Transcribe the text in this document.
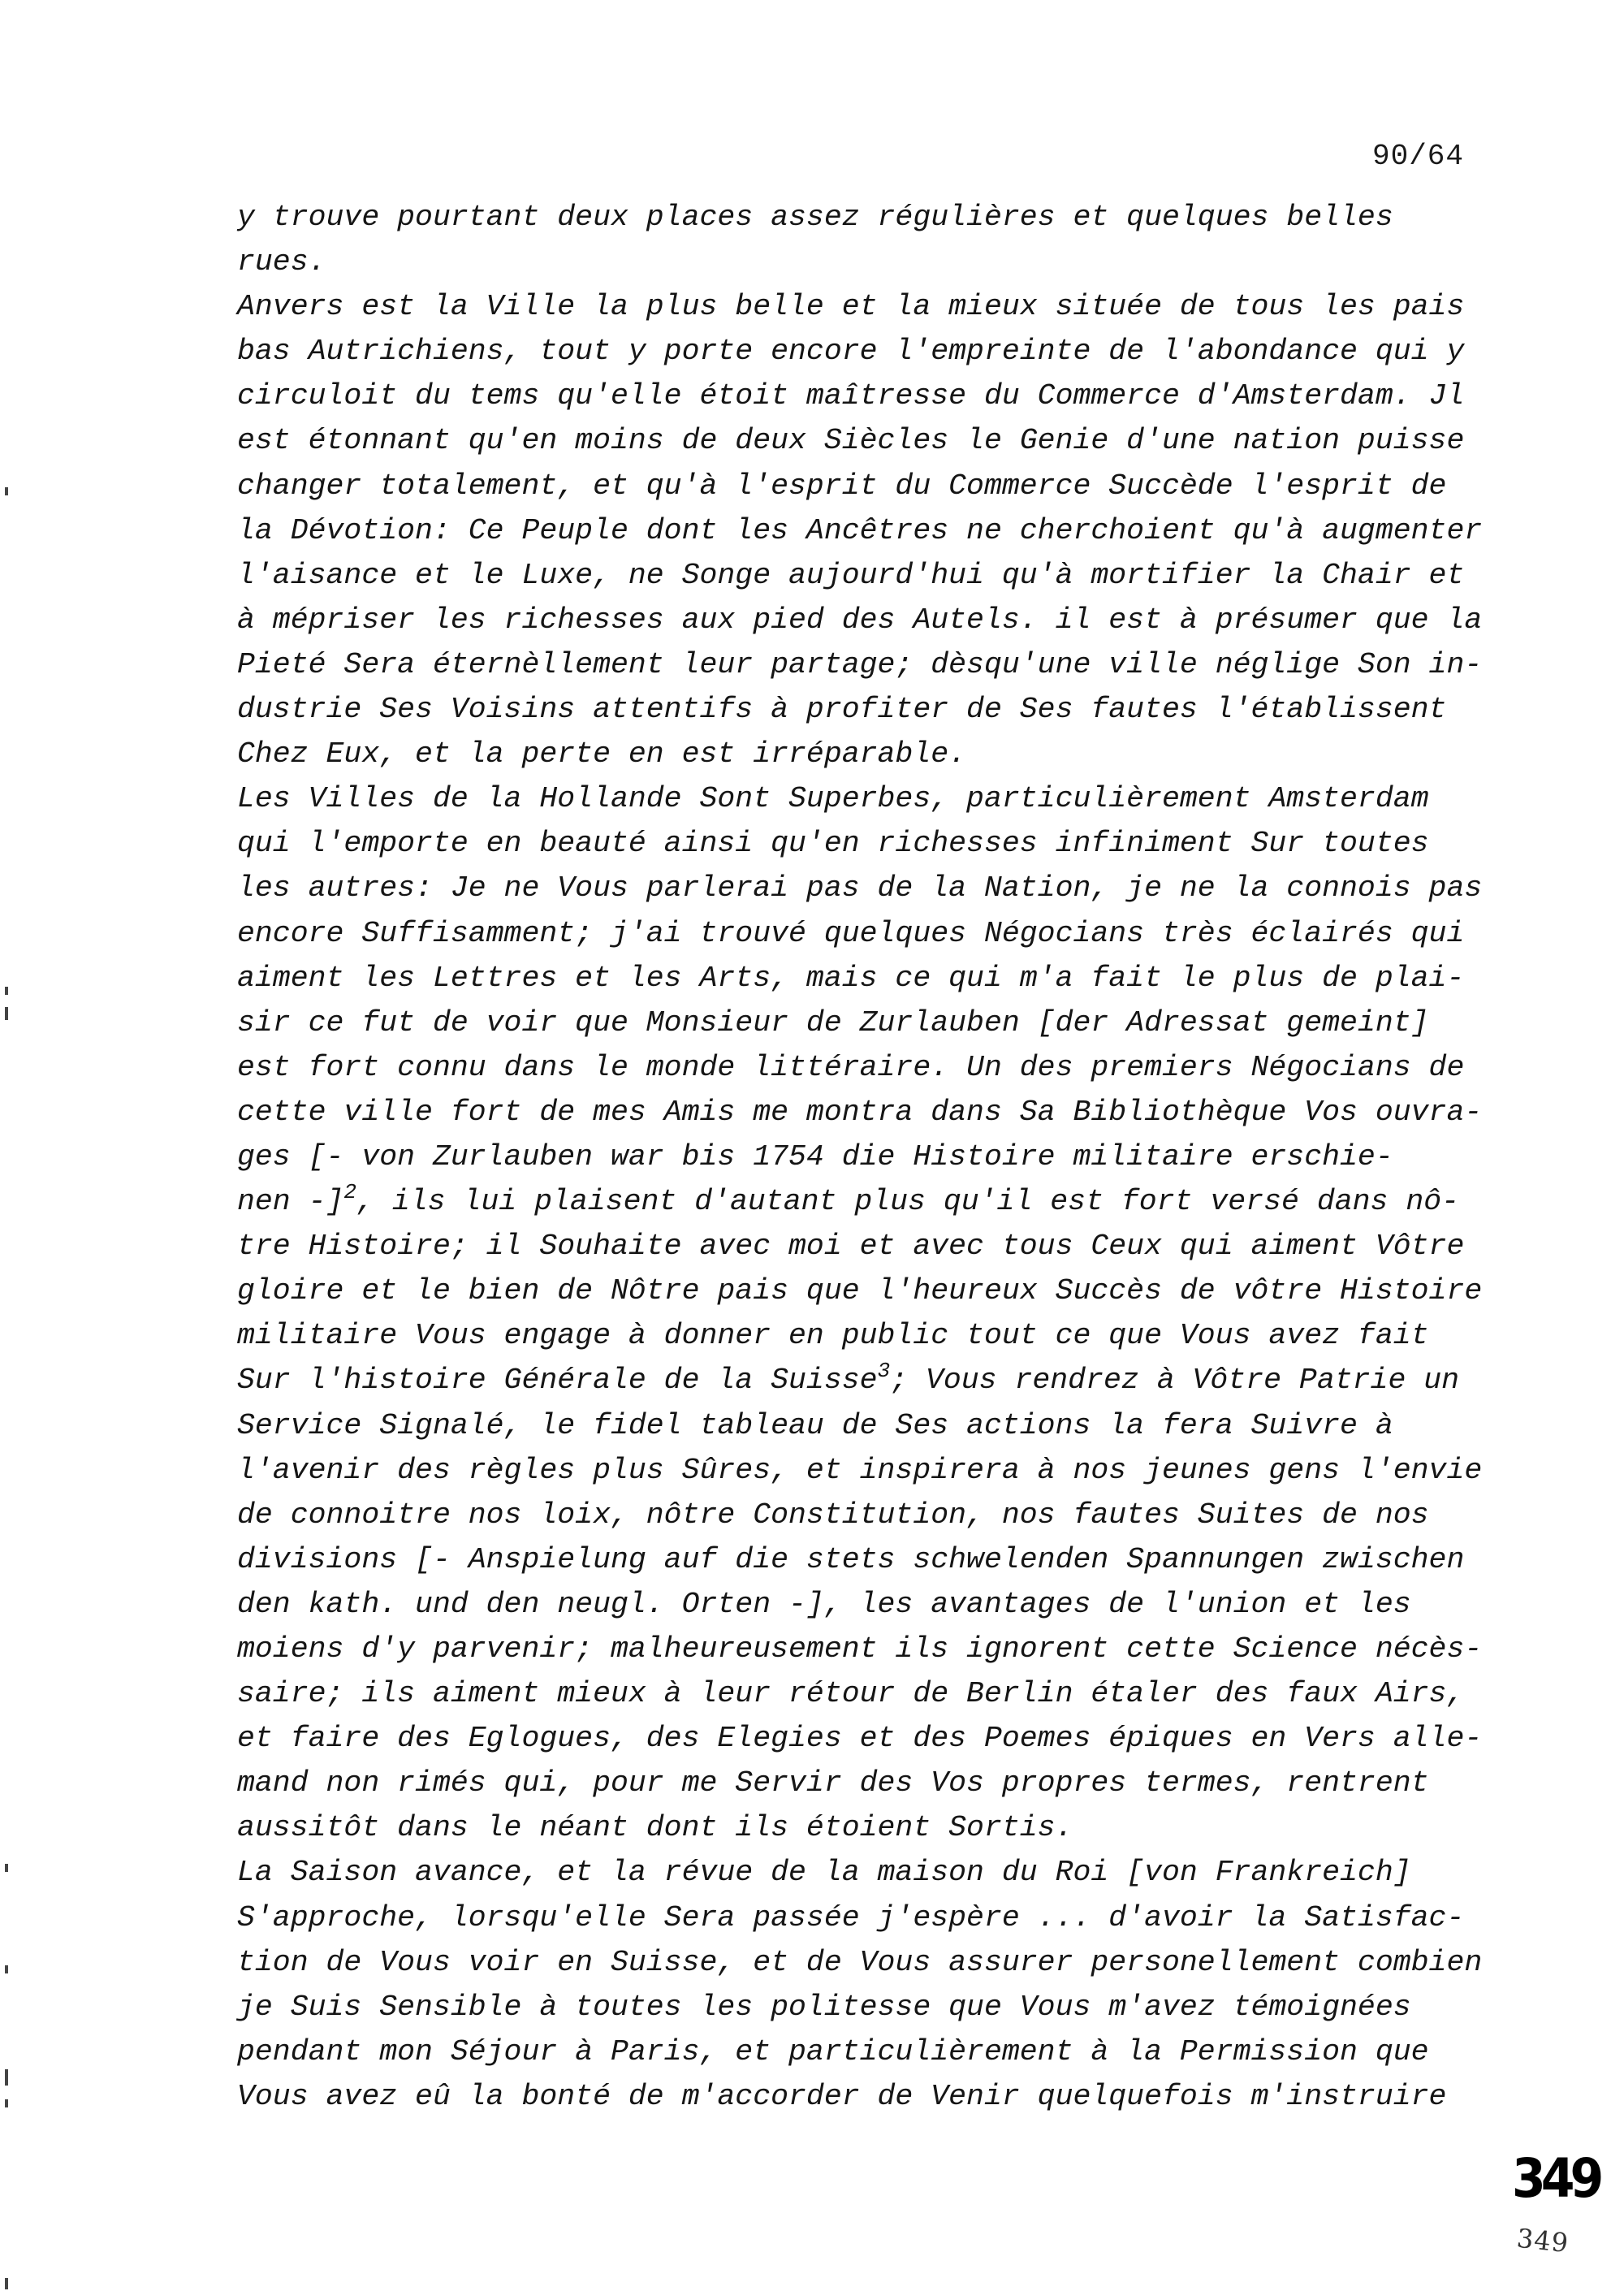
90/64
y trouve pourtant deux places assez régulières et quelques belles
rues.
Anvers est la Ville la plus belle et la mieux située de tous les pais
bas Autrichiens, tout y porte encore l'empreinte de l'abondance qui y
circuloit du tems qu'elle étoit maîtresse du Commerce d'Amsterdam. Jl
est étonnant qu'en moins de deux Siècles le Genie d'une nation puisse
changer totalement, et qu'à l'esprit du Commerce Succède l'esprit de
la Dévotion: Ce Peuple dont les Ancêtres ne cherchoient qu'à augmenter
l'aisance et le Luxe, ne Songe aujourd'hui qu'à mortifier la Chair et
à mépriser les richesses aux pied des Autels. il est à présumer que la
Pieté Sera éternèllement leur partage; dèsqu'une ville néglige Son in-
dustrie Ses Voisins attentifs à profiter de Ses fautes l'établissent
Chez Eux, et la perte en est irréparable.
Les Villes de la Hollande Sont Superbes, particulièrement Amsterdam
qui l'emporte en beauté ainsi qu'en richesses infiniment Sur toutes
les autres: Je ne Vous parlerai pas de la Nation, je ne la connois pas
encore Suffisamment; j'ai trouvé quelques Négocians très éclairés qui
aiment les Lettres et les Arts, mais ce qui m'a fait le plus de plai-
sir ce fut de voir que Monsieur de Zurlauben [der Adressat gemeint]
est fort connu dans le monde littéraire. Un des premiers Négocians de
cette ville fort de mes Amis me montra dans Sa Bibliothèque Vos ouvra-
ges [- von Zurlauben war bis 1754 die Histoire militaire erschie-
nen -]$^2$, ils lui plaisent d'autant plus qu'il est fort versé dans nô-
tre Histoire; il Souhaite avec moi et avec tous Ceux qui aiment Vôtre
gloire et le bien de Nôtre pais que l'heureux Succès de vôtre Histoire
militaire Vous engage à donner en public tout ce que Vous avez fait
Sur l'histoire Générale de la Suisse$^3$; Vous rendrez à Vôtre Patrie un
Service Signalé, le fidel tableau de Ses actions la fera Suivre à
l'avenir des règles plus Sûres, et inspirera à nos jeunes gens l'envie
de connoitre nos loix, nôtre Constitution, nos fautes Suites de nos
divisions [- Anspielung auf die stets schwelenden Spannungen zwischen
den kath. und den neugl. Orten -], les avantages de l'union et les
moiens d'y parvenir; malheureusement ils ignorent cette Science nécès-
saire; ils aiment mieux à leur rétour de Berlin étaler des faux Airs,
et faire des Eglogues, des Elegies et des Poemes épiques en Vers alle-
mand non rimés qui, pour me Servir des Vos propres termes, rentrent
aussitôt dans le néant dont ils étoient Sortis.
La Saison avance, et la révue de la maison du Roi [von Frankreich]
S'approche, lorsqu'elle Sera passée j'espère ... d'avoir la Satisfac-
tion de Vous voir en Suisse, et de Vous assurer personellement combien
je Suis Sensible à toutes les politesse que Vous m'avez témoignées
pendant mon Séjour à Paris, et particulièrement à la Permission que
Vous avez eû la bonté de m'accorder de Venir quelquefois m'instruire
349
349
